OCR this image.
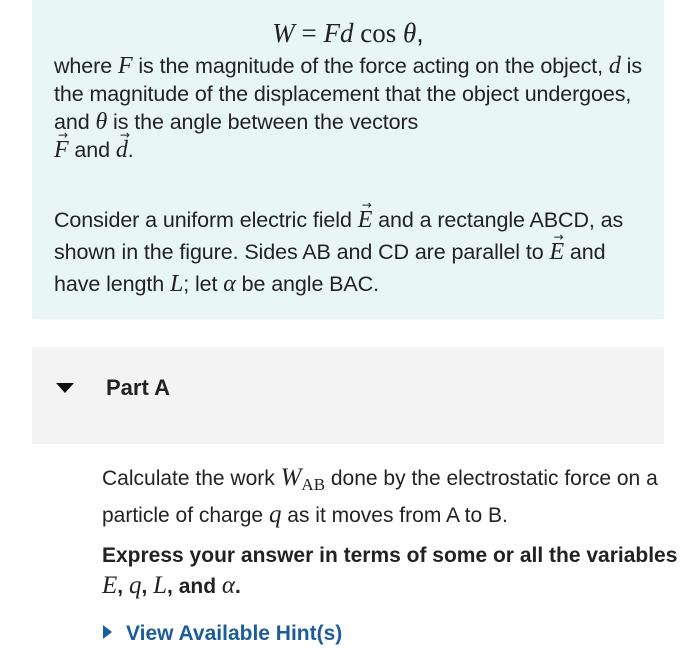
W = Fd cos θ,
where F is the magnitude of the force acting on the object, d is the magnitude of the displacement that the object undergoes, and θ is the angle between the vectors
→ F and → d.
Consider a uniform electric field → E and a rectangle ABCD, as shown in the figure. Sides AB and CD are parallel to → E and have length L; let α be angle BAC.
Part A
Calculate the work $W_{AB}$ done by the electrostatic force on a particle of charge q as it moves from A to B.
Express your answer in terms of some or all the variables E, q, L, and α.
View Available Hint(s)
